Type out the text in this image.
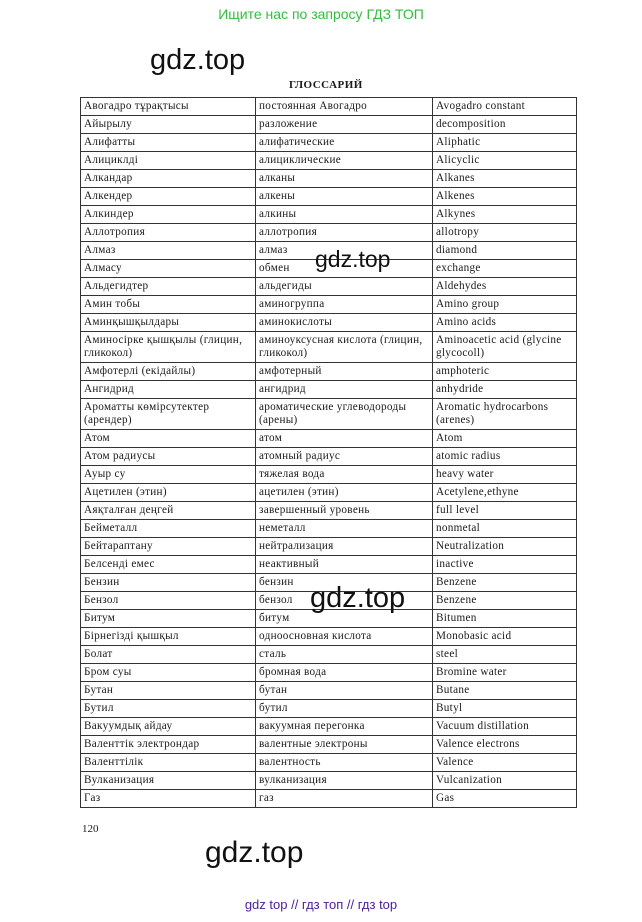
Ищите нас по запросу ГДЗ ТОП
ГЛОССАРИЙ
Авогадро тұрақтысы	постоянная Авогадро	Avogadro constant
Айырылу	разложение	decomposition
Алифатты	алифатические	Aliphatic
Алициклді	алициклические	Alicyclic
Алкандар	алканы	Alkanes
Алкендер	алкены	Alkenes
Алкиндер	алкины	Alkynes
Аллотропия	аллотропия	allotropy
Алмаз	алмаз	diamond
Алмасу	обмен	exchange
Альдегидтер	альдегиды	Aldehydes
Амин тобы	аминогруппа	Amino group
Аминқышқылдары	аминокислоты	Amino acids
Аминосірке қышқылы (глицин, гликокол)	аминоуксусная кислота (глицин, гликокол)	Aminoacetic acid (glycine glycocoll)
Амфотерлі (екідайлы)	амфотерный	amphoteric
Ангидрид	ангидрид	anhydride
Ароматты көмірсутектер (арендер)	ароматические углеводороды (арены)	Aromatic hydrocarbons (arenes)
Атом	атом	Atom
Атом радиусы	атомный радиус	atomic radius
Ауыр су	тяжелая вода	heavy water
Ацетилен (этин)	ацетилен (этин)	Acetylene,ethyne
Аяқталған деңгей	завершенный уровень	full level
Бейметалл	неметалл	nonmetal
Бейтараптану	нейтрализация	Neutralization
Белсенді емес	неактивный	inactive
Бензин	бензин	Benzene
Бензол	бензол	Benzene
Битум	битум	Bitumen
Бірнегізді қышқыл	одноосновная кислота	Monobasic acid
Болат	сталь	steel
Бром суы	бромная вода	Bromine water
Бутан	бутан	Butane
Бутил	бутил	Butyl
Вакуумдық айдау	вакуумная перегонка	Vacuum distillation
Валенттік электрондар	валентные электроны	Valence electrons
Валенттілік	валентность	Valence
Вулканизация	вулканизация	Vulcanization
Газ	газ	Gas
gdz.top
gdz.top
gdz.top
gdz.top
120
gdz top // гдз топ // гдз top
